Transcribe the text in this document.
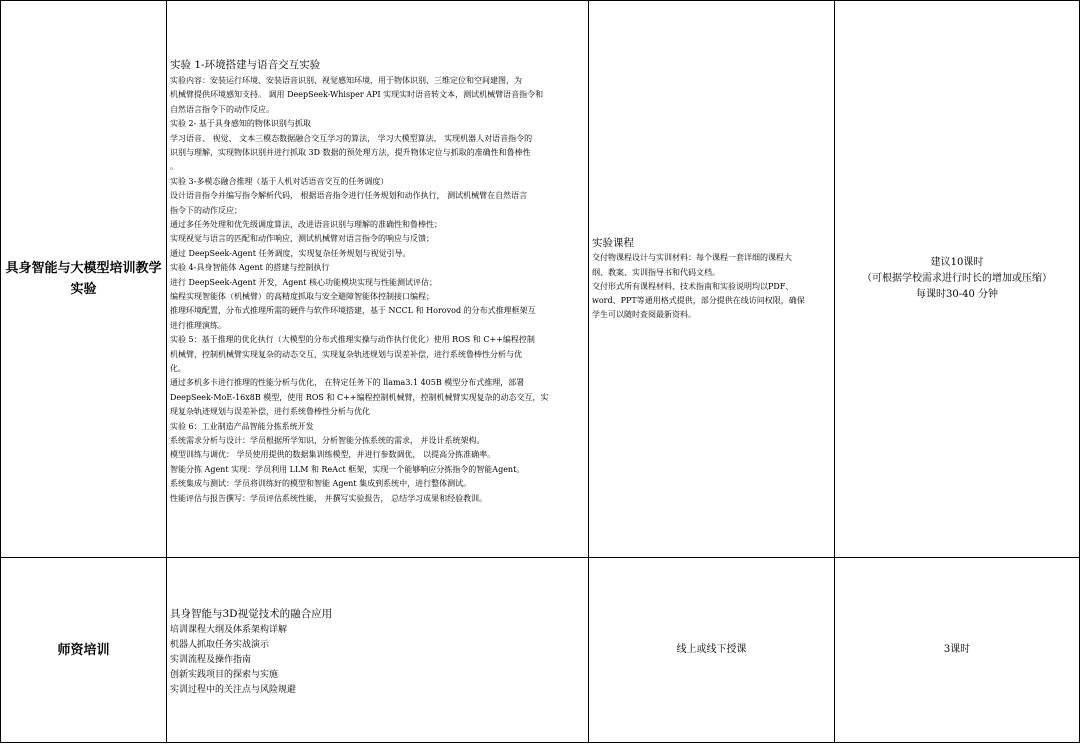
具身智能与大模型培训教学实验
实验 1-环境搭建与语音交互实验
实验内容：安装运行环境、安装语音识别、视觉感知环境，用于物体识别、三维定位和空间建图，为
机械臂提供环境感知支持。 调用 DeepSeek-Whisper API 实现实时语音转文本，测试机械臂语音指令和
自然语言指令下的动作反应。
实验 2- 基于具身感知的物体识别与抓取
学习语音、 视觉、 文本三模态数据融合交互学习的算法， 学习大模型算法， 实现机器人对语音指令的
识别与理解，实现物体识别并进行抓取 3D 数据的预处理方法，提升物体定位与抓取的准确性和鲁棒性
。
实验 3-多模态融合推理（基于人机对话语音交互的任务调度）
设计语音指令并编写指令解析代码， 根据语音指令进行任务规划和动作执行， 测试机械臂在自然语言
指令下的动作反应；
通过多任务处理和优先级调度算法，改进语音识别与理解的准确性和鲁棒性；
实现视觉与语言的匹配和动作响应，测试机械臂对语言指令的响应与反馈；
通过 DeepSeek-Agent 任务调度，实现复杂任务规划与视觉引导。
实验 4-具身智能体 Agent 的搭建与控制执行
进行 DeepSeek-Agent 开发，Agent 核心功能模块实现与性能测试评估；
编程实现智能体（机械臂）的高精度抓取与安全避障智能体控制接口编程；
推理环境配置，分布式推理所需的硬件与软件环境搭建，基于 NCCL 和 Horovod 的分布式推理框架互
进行推理演练。
实验 5：基于推理的优化执行（大模型的分布式推理实操与动作执行优化）使用 ROS 和 C++编程控制
机械臂，控制机械臂实现复杂的动态交互，实现复杂轨迹规划与误差补偿，进行系统鲁棒性分析与优
化。
通过多机多卡进行推理的性能分析与优化， 在特定任务下的 llama3.1 405B 模型分布式推理，部署
DeepSeek-MoE-16x8B 模型，使用 ROS 和 C++编程控制机械臂，控制机械臂实现复杂的动态交互，实
现复杂轨迹规划与误差补偿，进行系统鲁棒性分析与优化
实验 6：工业制造产品智能分拣系统开发
系统需求分析与设计：学员根据所学知识，分析智能分拣系统的需求， 并设计系统架构。
模型训练与调优： 学员使用提供的数据集训练模型，并进行参数调优， 以提高分拣准确率。
智能分拣 Agent 实现：学员利用 LLM 和 ReAct 框架，实现一个能够响应分拣指令的智能Agent。
系统集成与测试：学员将训练好的模型和智能 Agent 集成到系统中，进行整体测试。
性能评估与报告撰写：学员评估系统性能， 并撰写实验报告， 总结学习成果和经验教训。
实验课程
交付物课程设计与实训材料：每个课程一套详细的课程大
纲、教案、实训指导书和代码文档。
交付形式所有课程材料、技术指南和实验说明均以PDF、
word、PPT等通用格式提供，部分提供在线访问权限，确保
学生可以随时查阅最新资料。
建议10课时
（可根据学校需求进行时长的增加或压缩）
每课时30-40 分钟
师资培训
具身智能与3D视觉技术的融合应用
培训课程大纲及体系架构详解
机器人抓取任务实战演示
实训流程及操作指南
创新实践项目的探索与实施
实训过程中的关注点与风险规避
线上或线下授课	3课时
